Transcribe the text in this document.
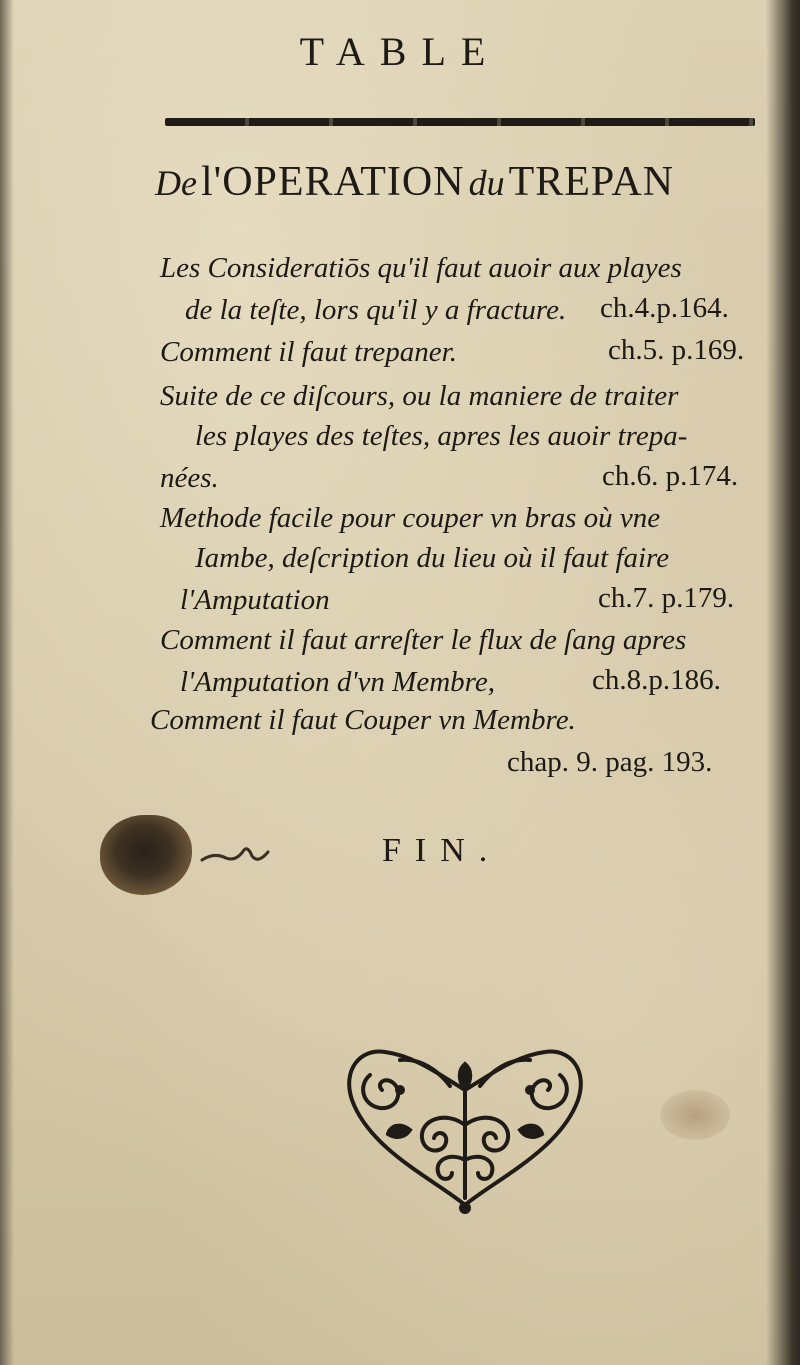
TABLE
De l'OPERATION du TREPAN
Les Consideratiōs qu'il faut auoir aux playes
de la teſte, lors qu'il y a fracture. ch.4.p.164.
Comment il faut trepaner.	ch.5. p.169.
Suite de ce diſcours, ou la maniere de traiter
les playes des teſtes, apres les auoir trepa-
nées.	ch.6. p.174.
Methode facile pour couper vn bras où vne
Iambe, deſcription du lieu où il faut faire
l'Amputation	ch.7. p.179.
Comment il faut arreſter le flux de ſang apres
l'Amputation d'vn Membre,	ch.8.p.186.
Comment il faut Couper vn Membre.
chap. 9. pag. 193.
FIN.
